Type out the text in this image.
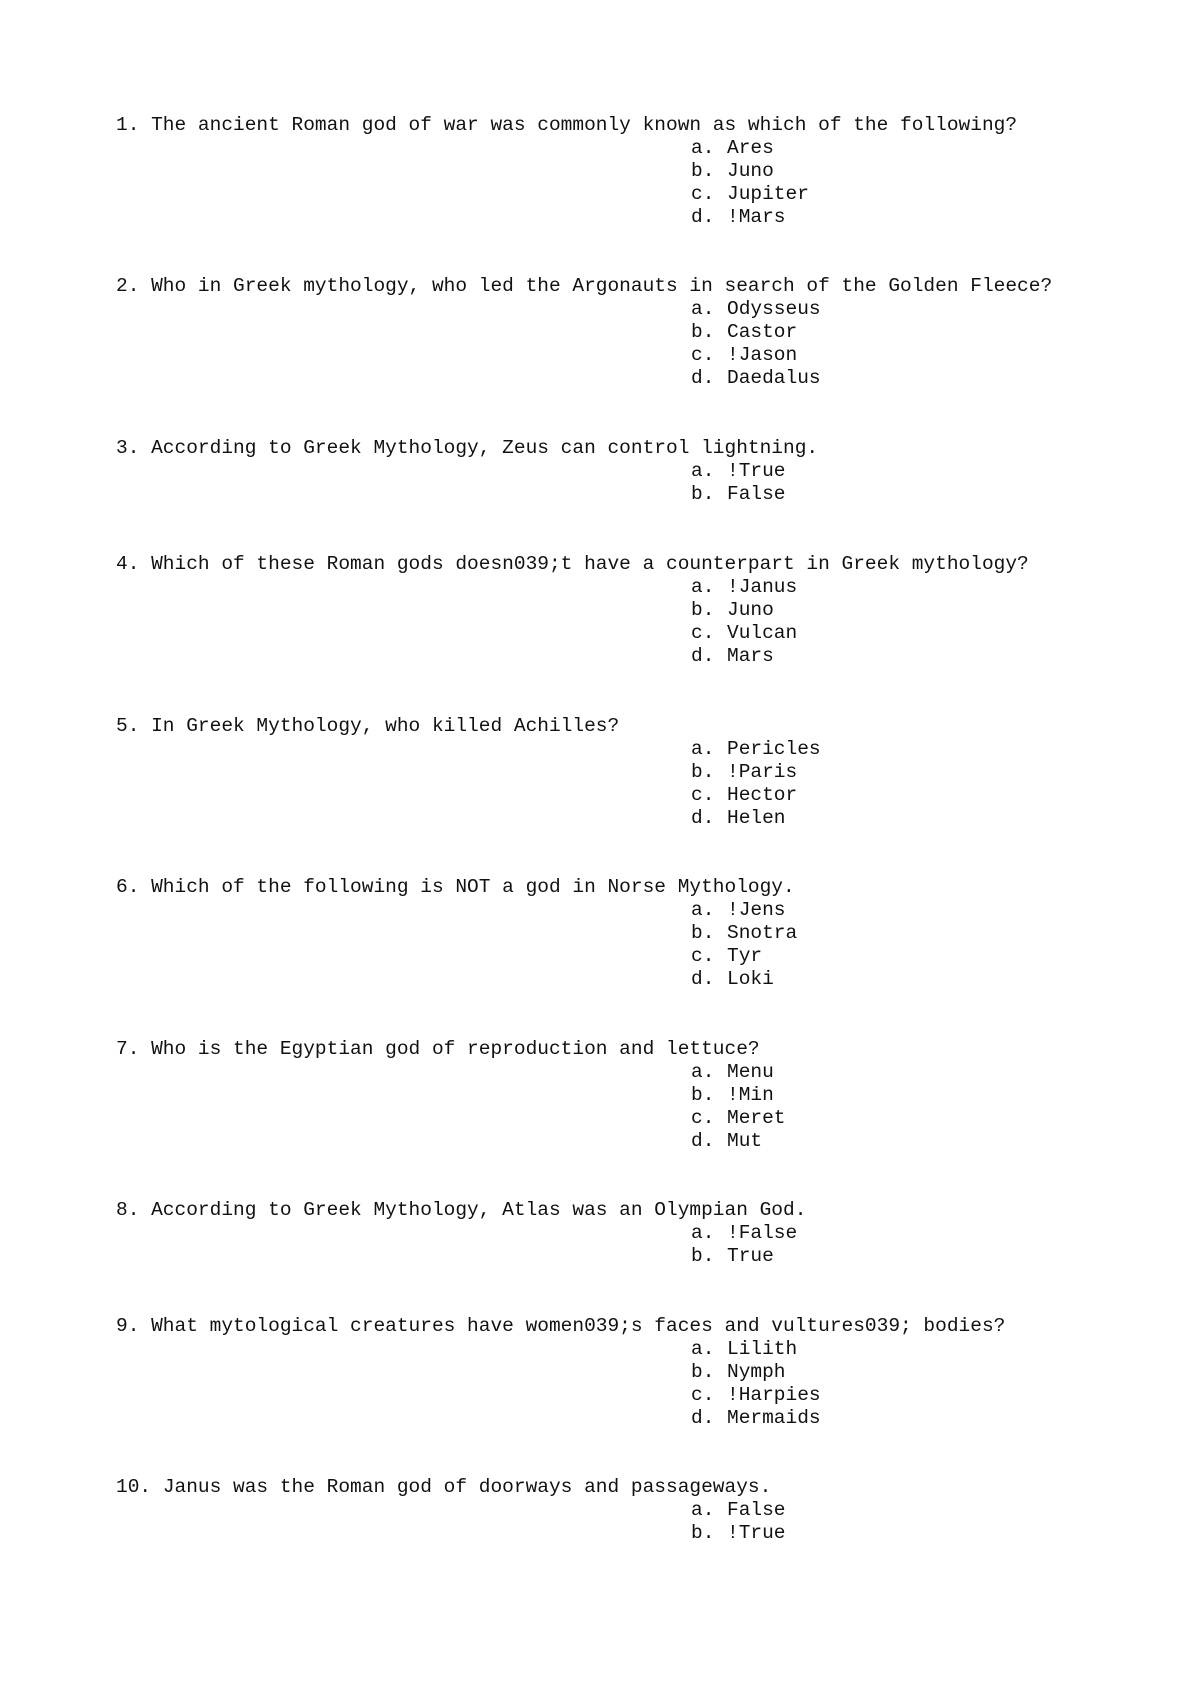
1. The ancient Roman god of war was commonly known as which of the following?
a. Ares
b. Juno
c. Jupiter
d. !Mars
2. Who in Greek mythology, who led the Argonauts in search of the Golden Fleece?
a. Odysseus
b. Castor
c. !Jason
d. Daedalus
3. According to Greek Mythology, Zeus can control lightning.
a. !True
b. False
4. Which of these Roman gods doesn039;t have a counterpart in Greek mythology?
a. !Janus
b. Juno
c. Vulcan
d. Mars
5. In Greek Mythology, who killed Achilles?
a. Pericles
b. !Paris
c. Hector
d. Helen
6. Which of the following is NOT a god in Norse Mythology.
a. !Jens
b. Snotra
c. Tyr
d. Loki
7. Who is the Egyptian god of reproduction and lettuce?
a. Menu
b. !Min
c. Meret
d. Mut
8. According to Greek Mythology, Atlas was an Olympian God.
a. !False
b. True
9. What mytological creatures have women039;s faces and vultures039; bodies?
a. Lilith
b. Nymph
c. !Harpies
d. Mermaids
10. Janus was the Roman god of doorways and passageways.
a. False
b. !True
